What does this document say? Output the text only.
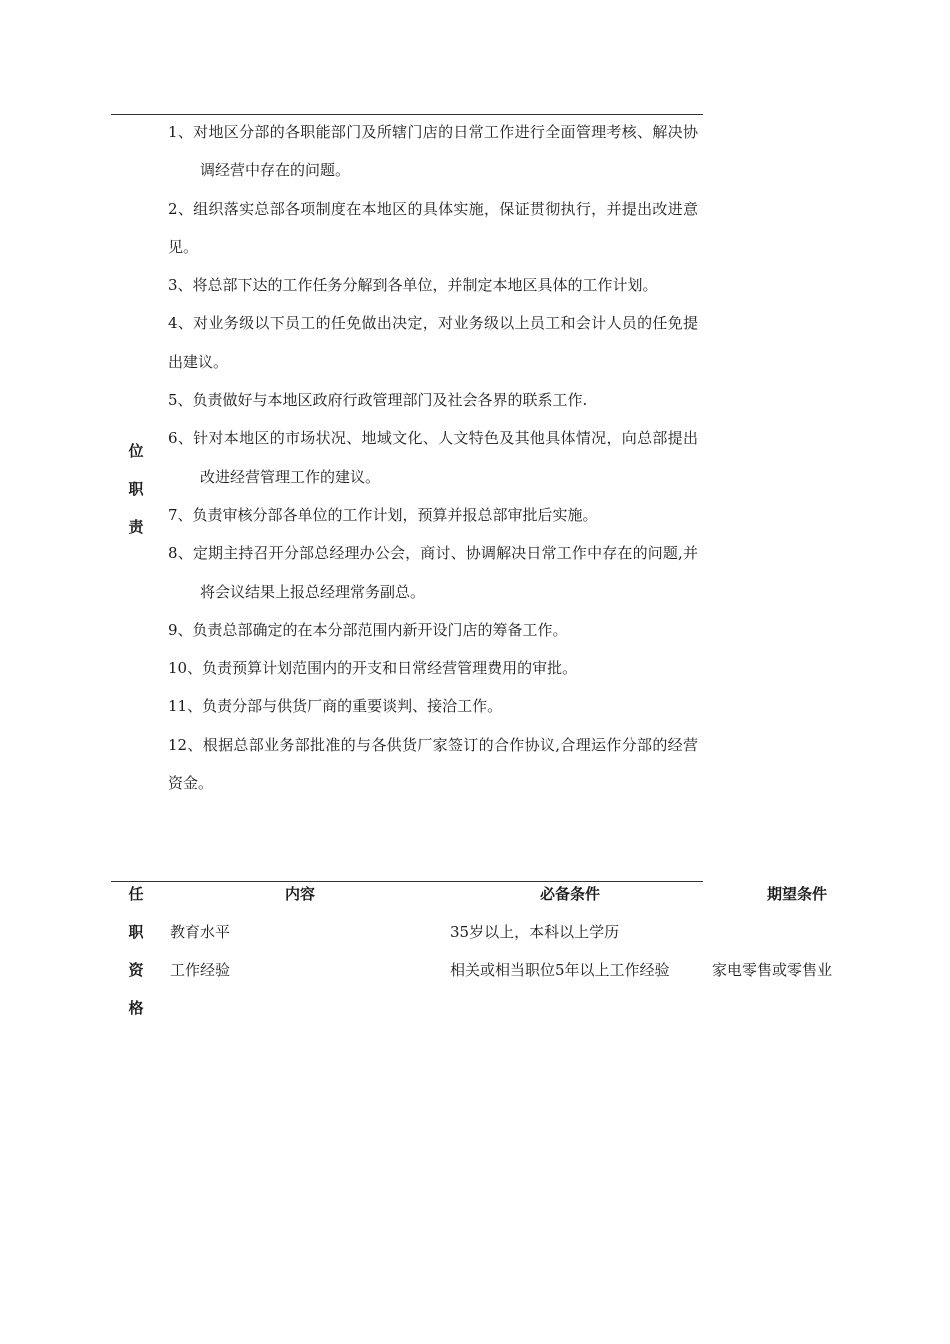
位
职
责
1、对地区分部的各职能部门及所辖门店的日常工作进行全面管理考核、解决协调经营中存在的问题。
2、组织落实总部各项制度在本地区的具体实施，保证贯彻执行，并提出改进意见。
3、将总部下达的工作任务分解到各单位，并制定本地区具体的工作计划。
4、对业务级以下员工的任免做出决定，对业务级以上员工和会计人员的任免提出建议。
5、负责做好与本地区政府行政管理部门及社会各界的联系工作.
6、针对本地区的市场状况、地域文化、人文特色及其他具体情况，向总部提出改进经营管理工作的建议。
7、负责审核分部各单位的工作计划，预算并报总部审批后实施。
8、定期主持召开分部总经理办公会，商讨、协调解决日常工作中存在的问题,并将会议结果上报总经理常务副总。
9、负责总部确定的在本分部范围内新开设门店的筹备工作。
10、负责预算计划范围内的开支和日常经营管理费用的审批。
11、负责分部与供货厂商的重要谈判、接洽工作。
12、根据总部业务部批准的与各供货厂家签订的合作协议,合理运作分部的经营资金。
任
职
资
格
内容	必备条件	期望条件
教育水平	35岁以上，本科以上学历
工作经验	相关或相当职位5年以上工作经验	家电零售或零售业
